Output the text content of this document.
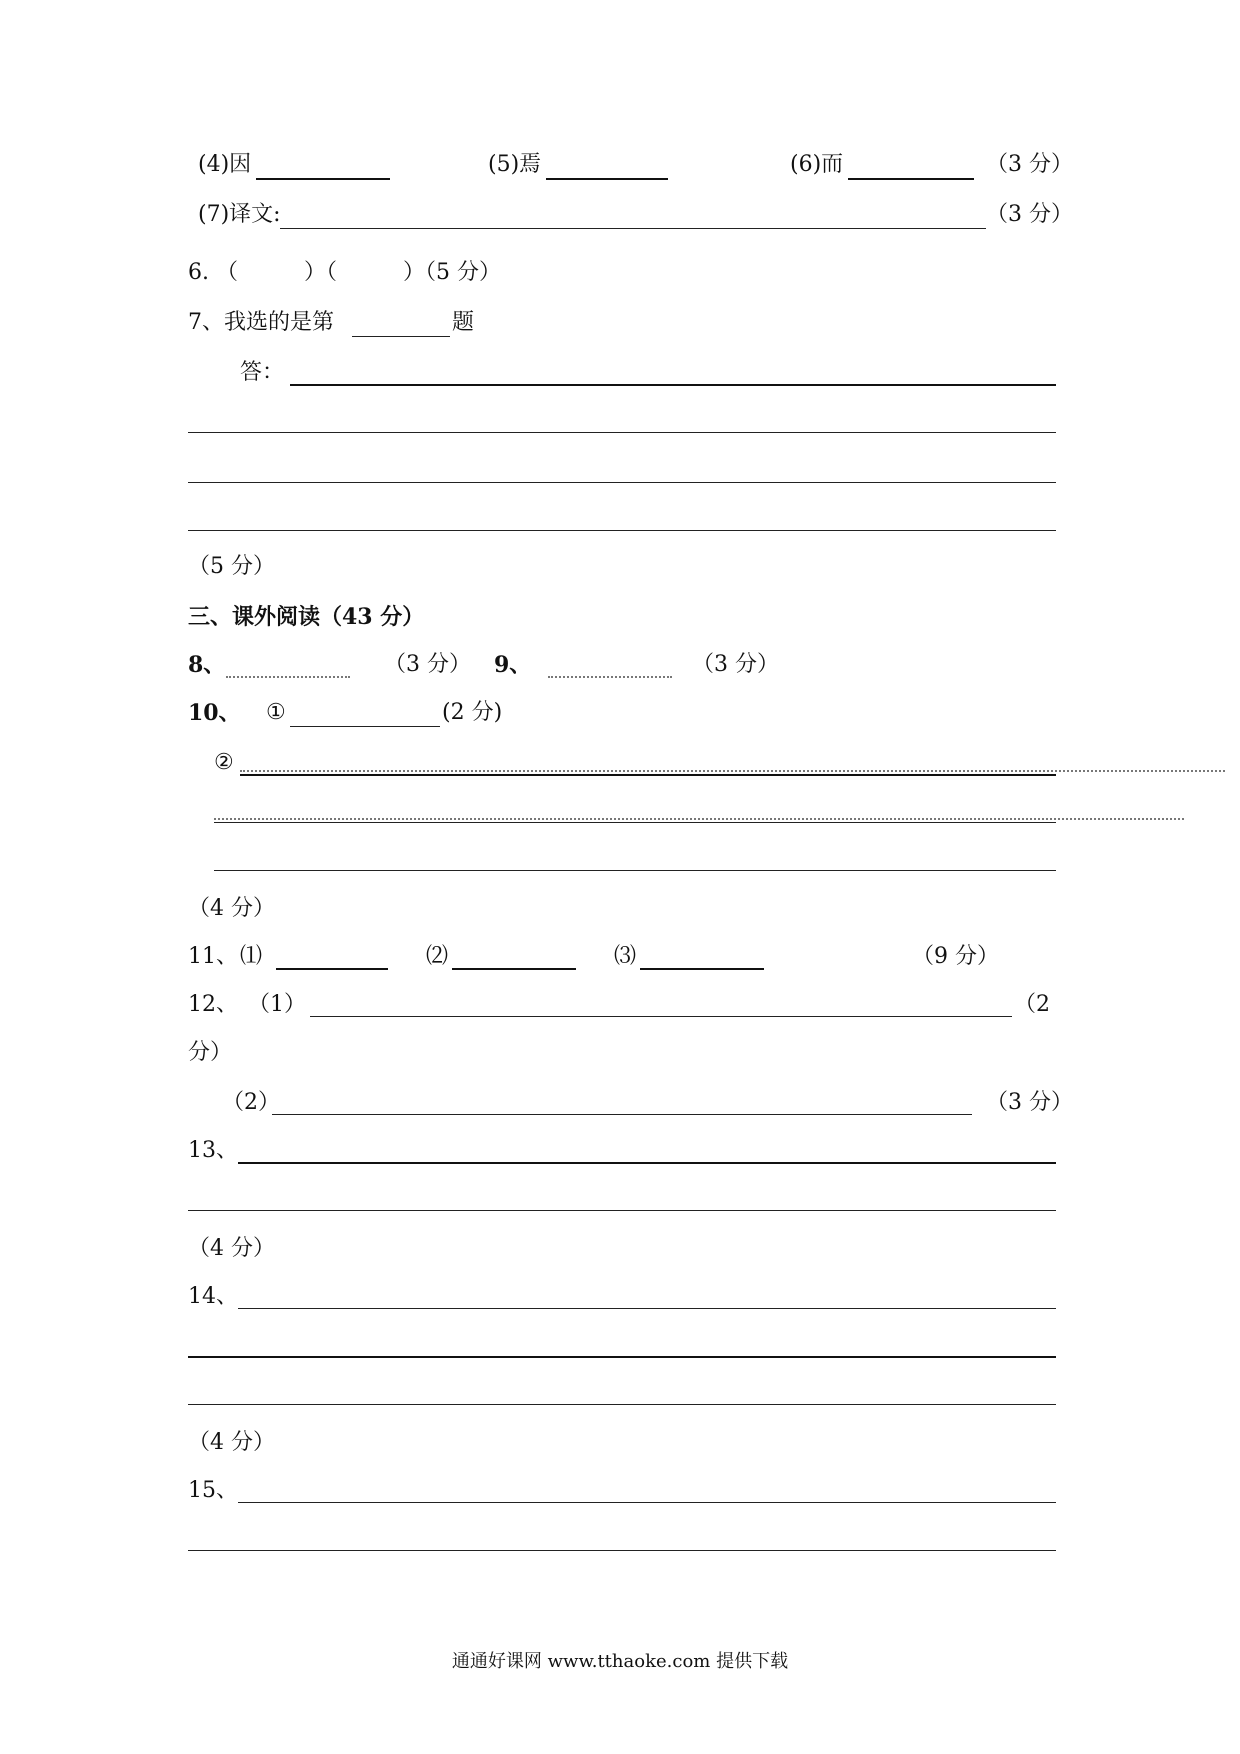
(4)因	(5)焉	(6)而	（3 分）
(7)译文:	（3 分）
6. （　　　）（　　　）（5 分）
7、我选的是第	题
答：
（5 分）
三、课外阅读（43 分）
8、	（3 分） 9、	（3 分）
10、 ①	(2 分)
②
（4 分）
11、 ⑴	⑵	⑶	（9 分）
12、 （1）	（2
分）
（2）	（3 分）
13、
（4 分）
14、
（4 分）
15、
通通好课网 www.tthaoke.com 提供下载
